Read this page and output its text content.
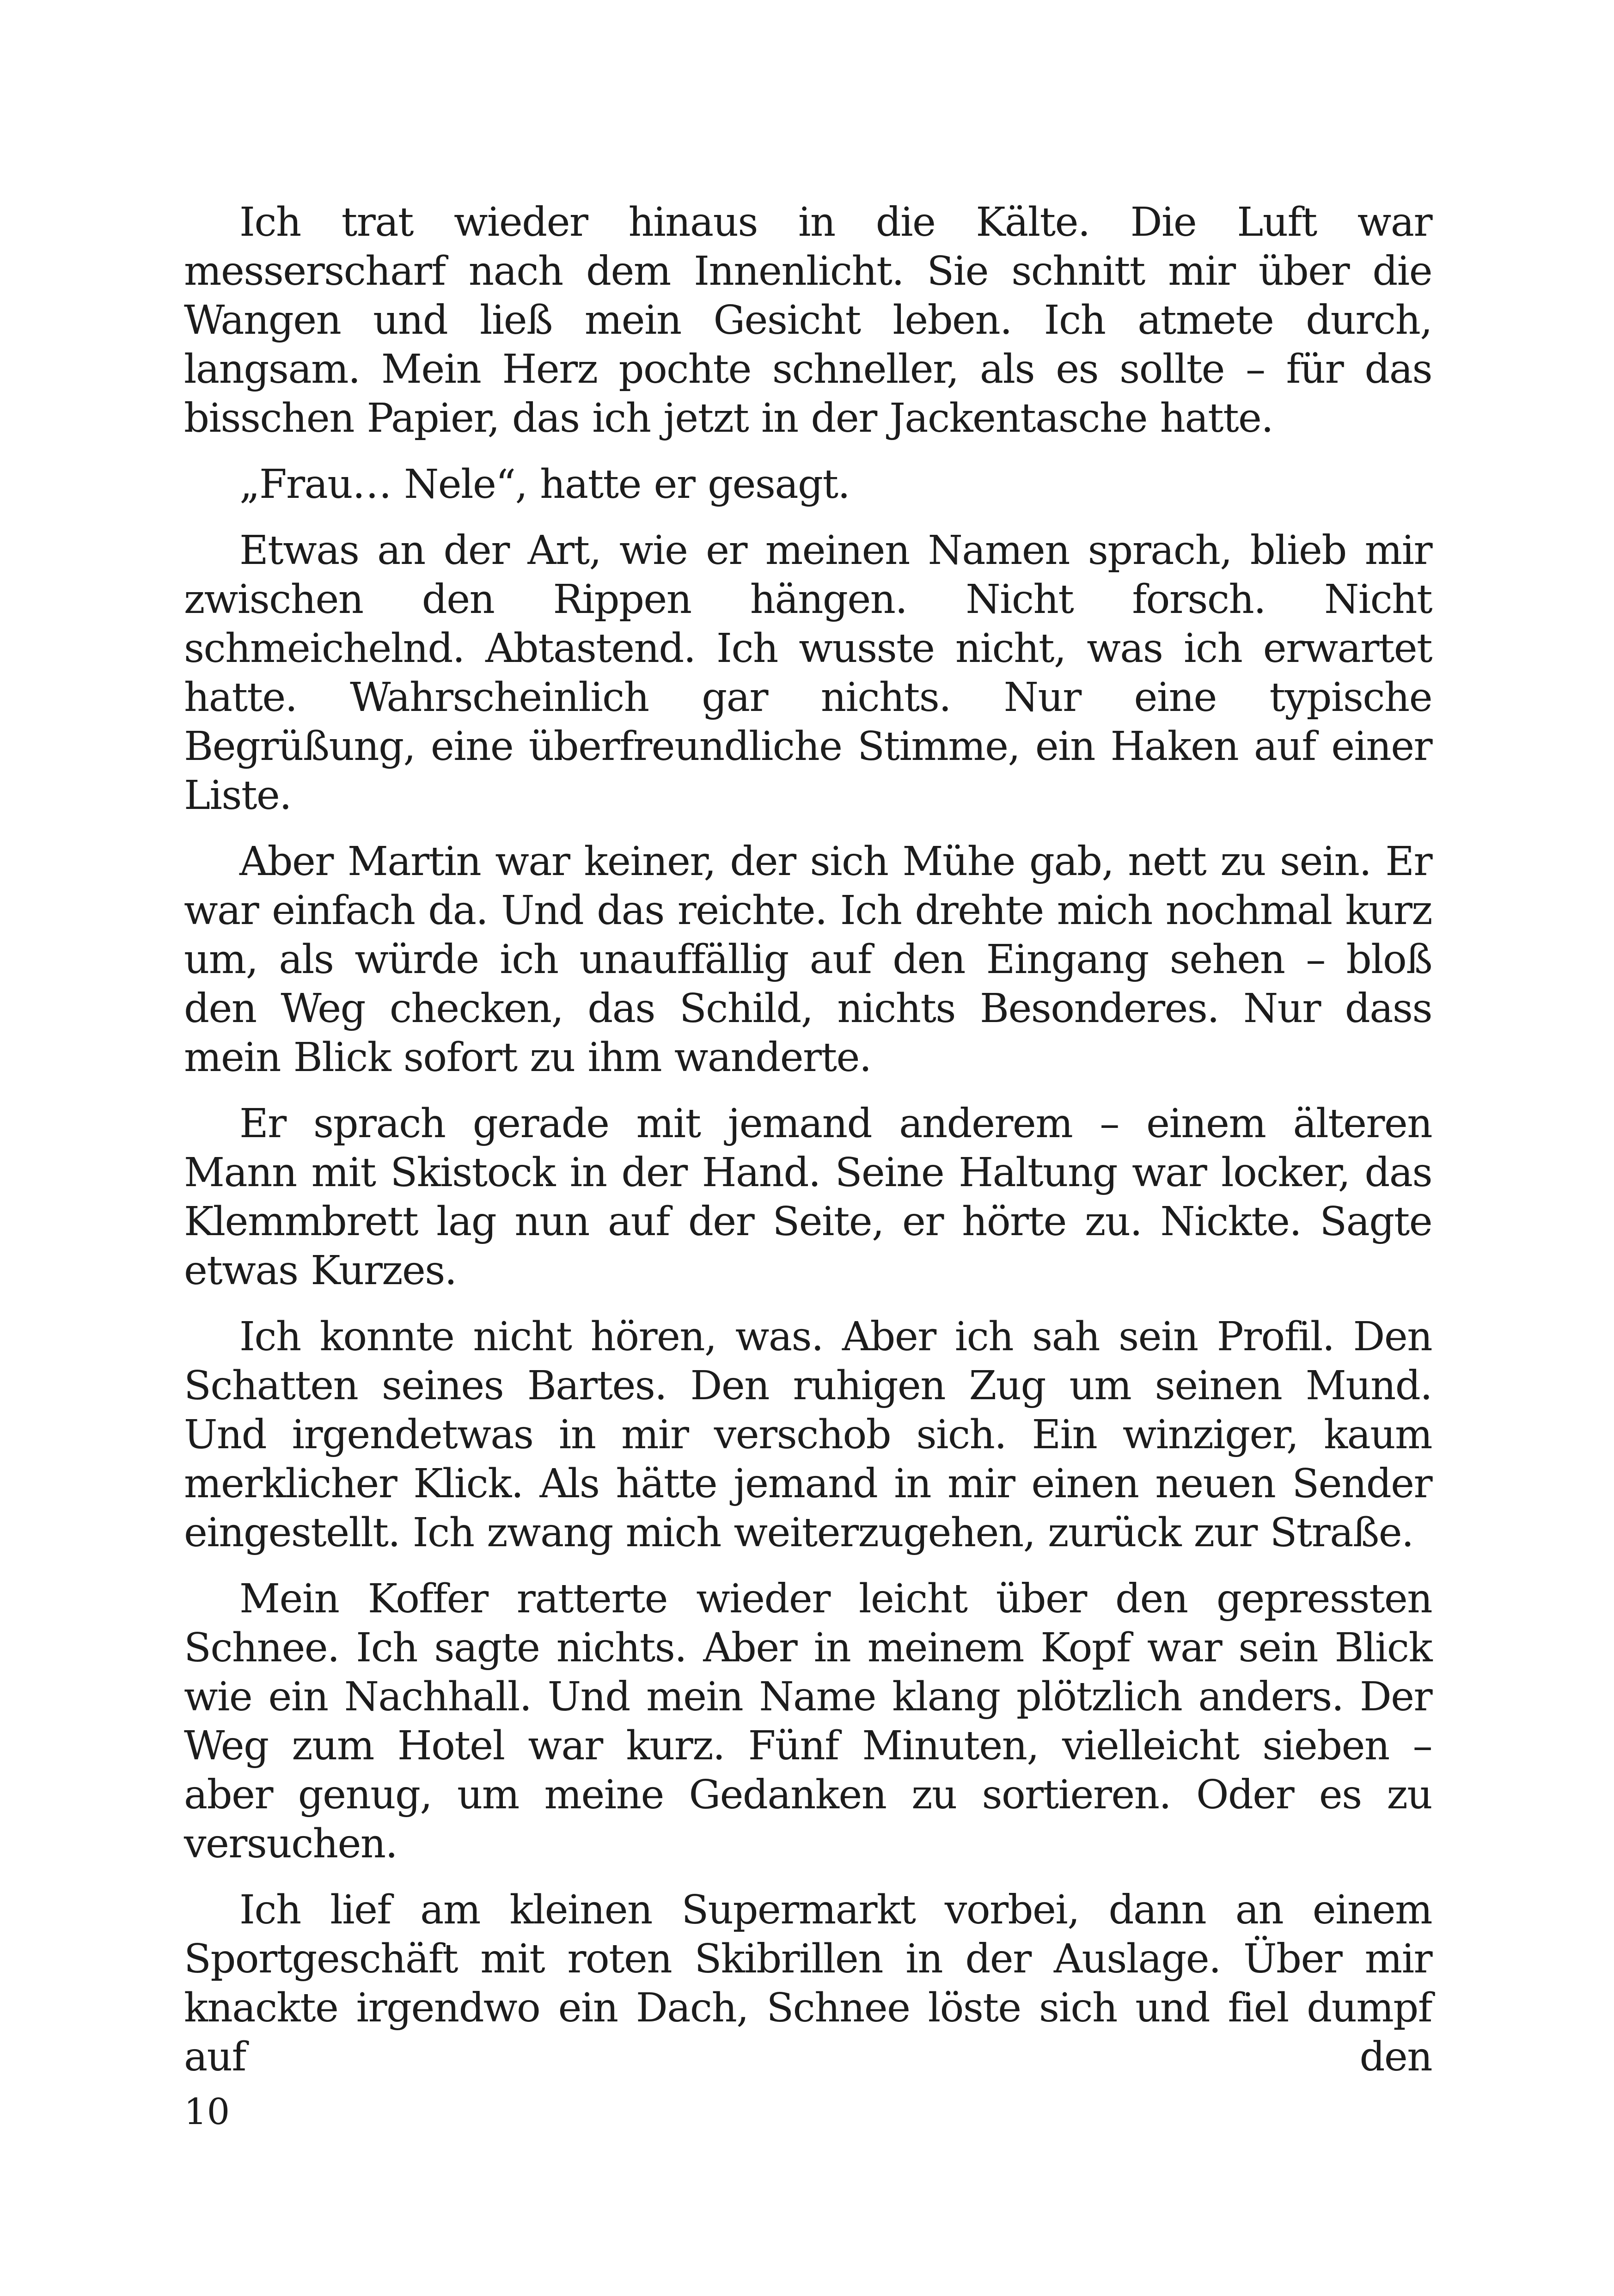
Ich trat wieder hinaus in die Kälte. Die Luft war messerscharf nach dem Innenlicht. Sie schnitt mir über die Wangen und ließ mein Gesicht leben. Ich atmete durch, langsam. Mein Herz pochte schneller, als es sollte – für das bisschen Papier, das ich jetzt in der Jackentasche hatte.

„Frau… Nele“, hatte er gesagt.

Etwas an der Art, wie er meinen Namen sprach, blieb mir zwischen den Rippen hängen. Nicht forsch. Nicht schmeichelnd. Abtastend. Ich wusste nicht, was ich erwartet hatte. Wahrscheinlich gar nichts. Nur eine typische Begrüßung, eine überfreundliche Stimme, ein Haken auf einer Liste.

Aber Martin war keiner, der sich Mühe gab, nett zu sein. Er war einfach da. Und das reichte. Ich drehte mich nochmal kurz um, als würde ich unauffällig auf den Eingang sehen – bloß den Weg checken, das Schild, nichts Besonderes. Nur dass mein Blick sofort zu ihm wanderte.

Er sprach gerade mit jemand anderem – einem älteren Mann mit Skistock in der Hand. Seine Haltung war locker, das Klemmbrett lag nun auf der Seite, er hörte zu. Nickte. Sagte etwas Kurzes.

Ich konnte nicht hören, was. Aber ich sah sein Profil. Den Schatten seines Bartes. Den ruhigen Zug um seinen Mund. Und irgendetwas in mir verschob sich. Ein winziger, kaum merklicher Klick. Als hätte jemand in mir einen neuen Sender eingestellt. Ich zwang mich weiterzugehen, zurück zur Straße.

Mein Koffer ratterte wieder leicht über den gepressten Schnee. Ich sagte nichts. Aber in meinem Kopf war sein Blick wie ein Nachhall. Und mein Name klang plötzlich anders. Der Weg zum Hotel war kurz. Fünf Minuten, vielleicht sieben – aber genug, um meine Gedanken zu sortieren. Oder es zu versuchen.

Ich lief am kleinen Supermarkt vorbei, dann an einem Sportgeschäft mit roten Skibrillen in der Auslage. Über mir knackte irgendwo ein Dach, Schnee löste sich und fiel dumpf auf den

10
